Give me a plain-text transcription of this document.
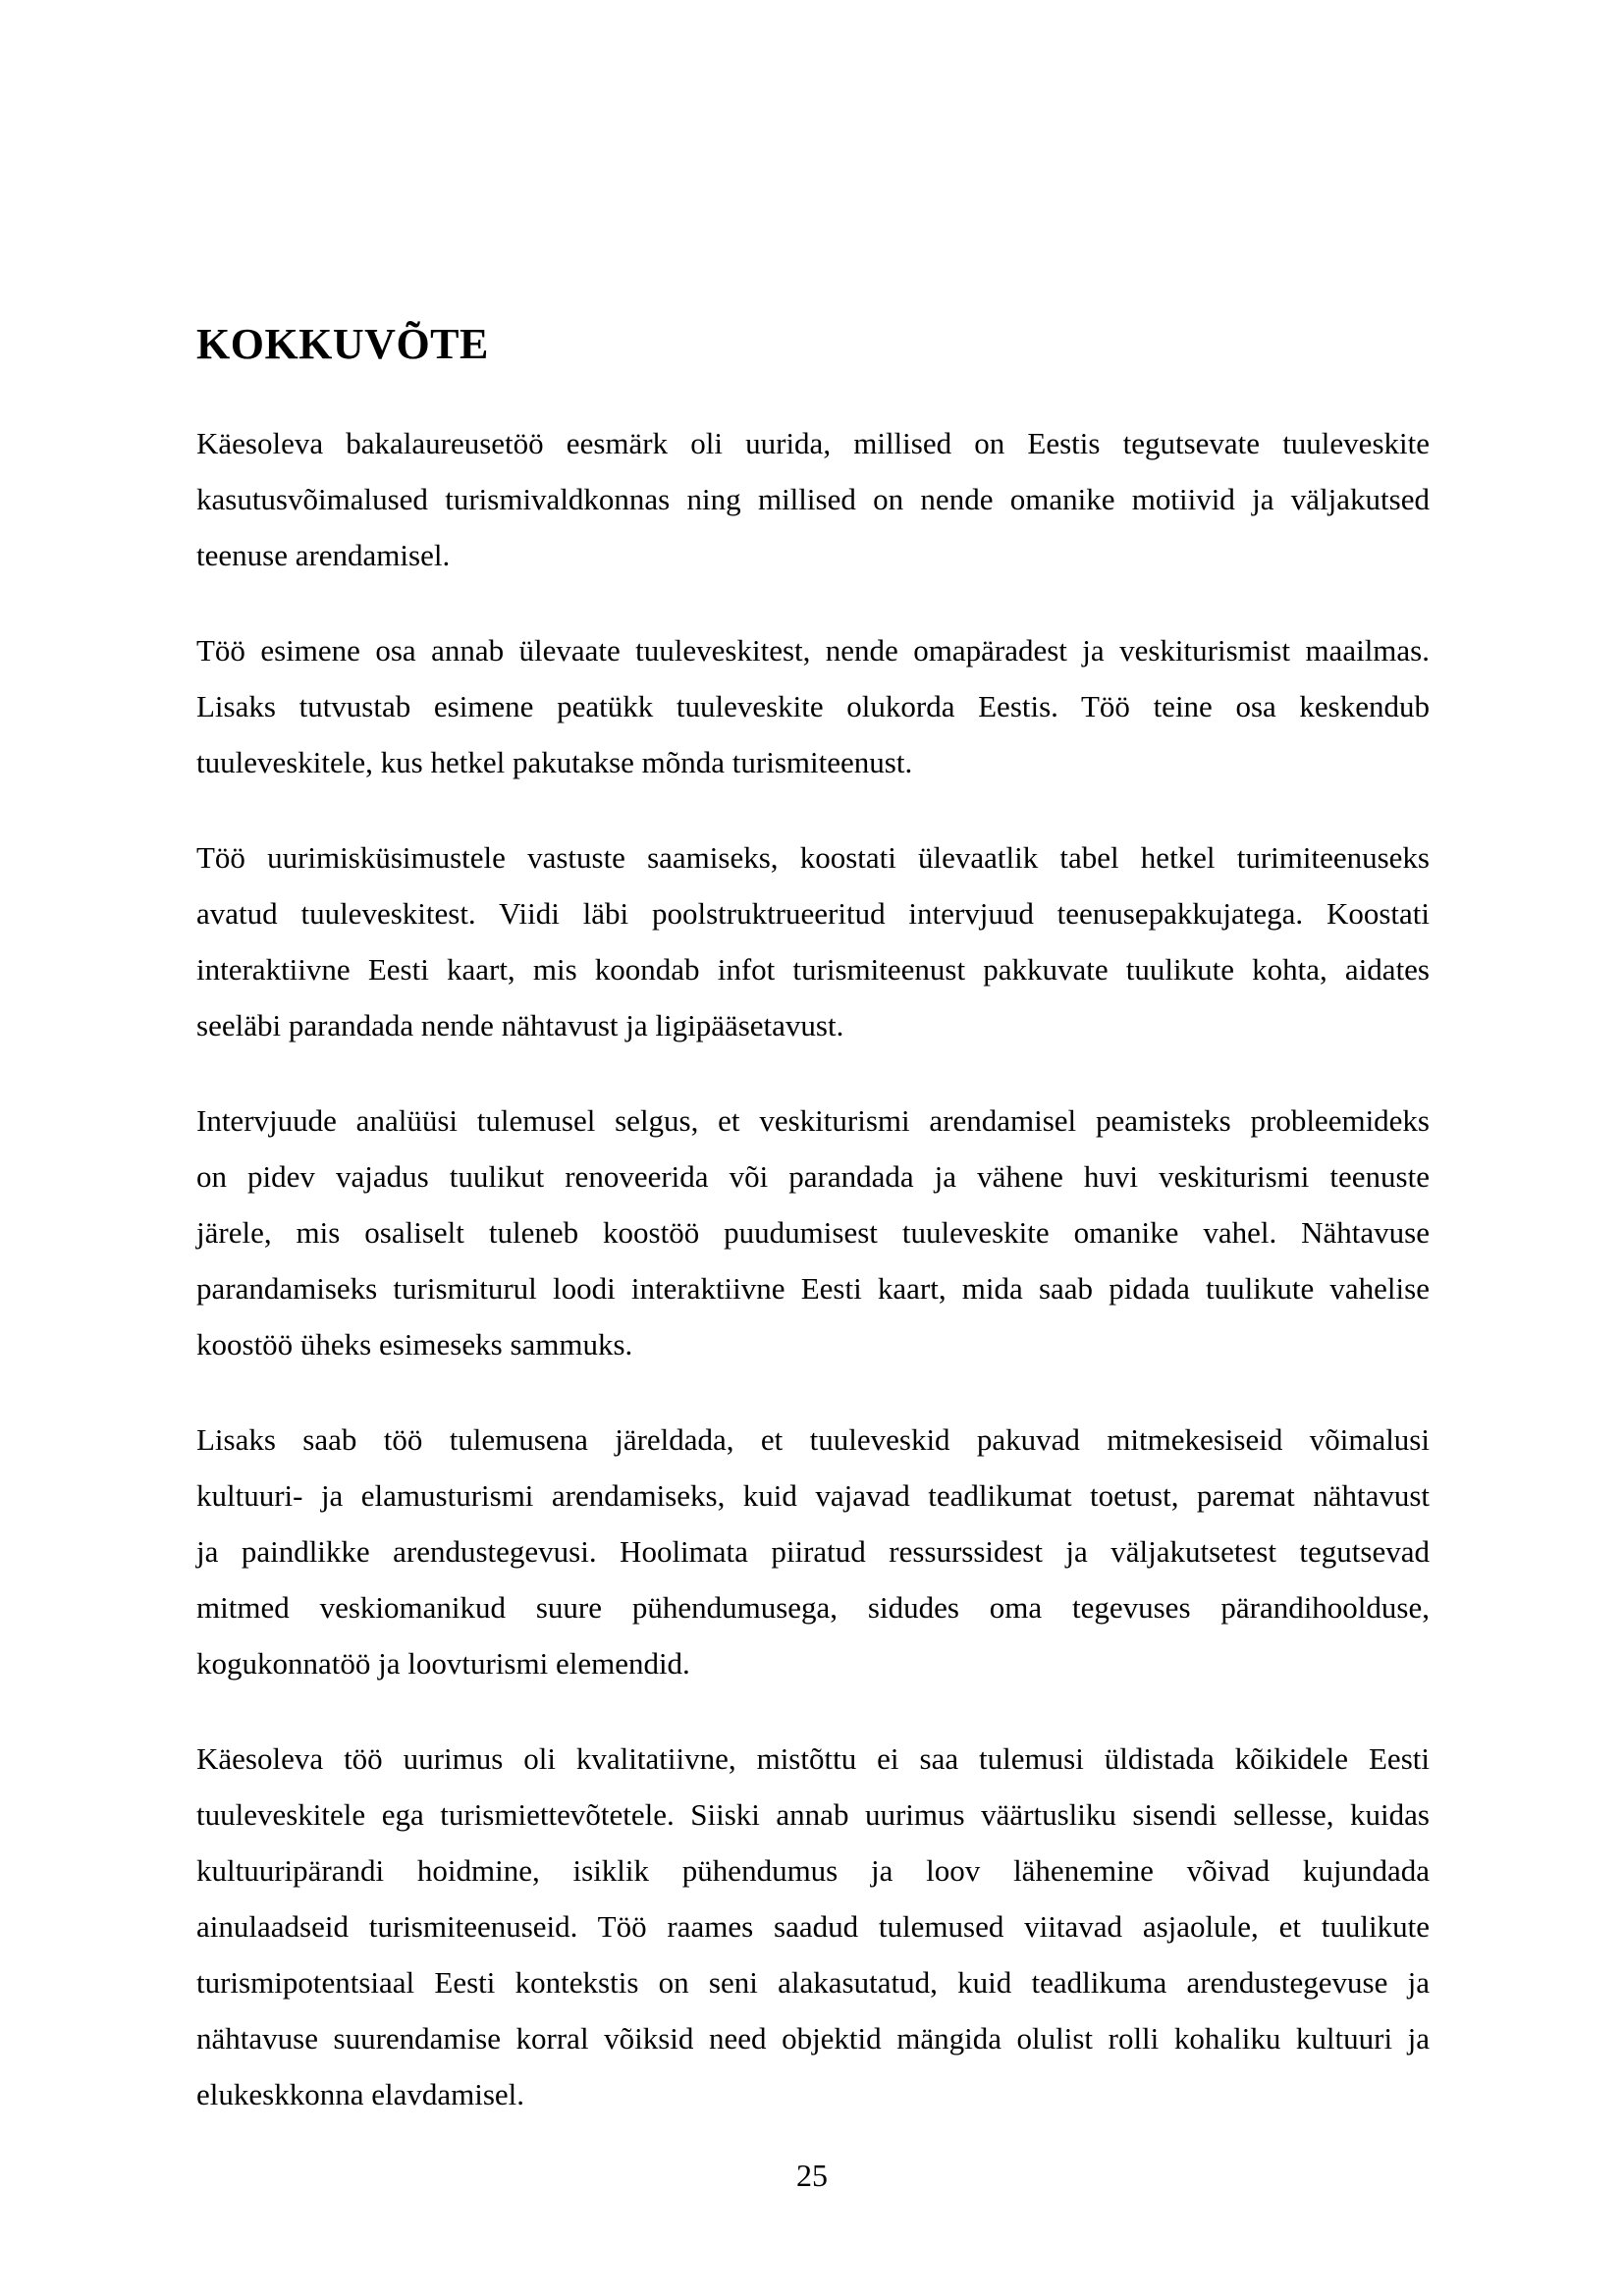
KOKKUVÕTE

Käesoleva bakalaureusetöö eesmärk oli uurida, millised on Eestis tegutsevate tuuleveskite
kasutusvõimalused turismivaldkonnas ning millised on nende omanike motiivid ja väljakutsed
teenuse arendamisel.

Töö esimene osa annab ülevaate tuuleveskitest, nende omapäradest ja veskiturismist maailmas.
Lisaks tutvustab esimene peatükk tuuleveskite olukorda Eestis. Töö teine osa keskendub
tuuleveskitele, kus hetkel pakutakse mõnda turismiteenust.

Töö uurimisküsimustele vastuste saamiseks, koostati ülevaatlik tabel hetkel turimiteenuseks
avatud tuuleveskitest. Viidi läbi poolstruktrueeritud intervjuud teenusepakkujatega. Koostati
interaktiivne Eesti kaart, mis koondab infot turismiteenust pakkuvate tuulikute kohta, aidates
seeläbi parandada nende nähtavust ja ligipääsetavust.

Intervjuude analüüsi tulemusel selgus, et veskiturismi arendamisel peamisteks probleemideks
on pidev vajadus tuulikut renoveerida või parandada ja vähene huvi veskiturismi teenuste
järele, mis osaliselt tuleneb koostöö puudumisest tuuleveskite omanike vahel. Nähtavuse
parandamiseks turismiturul loodi interaktiivne Eesti kaart, mida saab pidada tuulikute vahelise
koostöö üheks esimeseks sammuks.

Lisaks saab töö tulemusena järeldada, et tuuleveskid pakuvad mitmekesiseid võimalusi
kultuuri- ja elamusturismi arendamiseks, kuid vajavad teadlikumat toetust, paremat nähtavust
ja paindlikke arendustegevusi. Hoolimata piiratud ressurssidest ja väljakutsetest tegutsevad
mitmed veskiomanikud suure pühendumusega, sidudes oma tegevuses pärandihoolduse,
kogukonnatöö ja loovturismi elemendid.

Käesoleva töö uurimus oli kvalitatiivne, mistõttu ei saa tulemusi üldistada kõikidele Eesti
tuuleveskitele ega turismiettevõtetele. Siiski annab uurimus väärtusliku sisendi sellesse, kuidas
kultuuripärandi hoidmine, isiklik pühendumus ja loov lähenemine võivad kujundada
ainulaadseid turismiteenuseid. Töö raames saadud tulemused viitavad asjaolule, et tuulikute
turismipotentsiaal Eesti kontekstis on seni alakasutatud, kuid teadlikuma arendustegevuse ja
nähtavuse suurendamise korral võiksid need objektid mängida olulist rolli kohaliku kultuuri ja
elukeskkonna elavdamisel.

25
